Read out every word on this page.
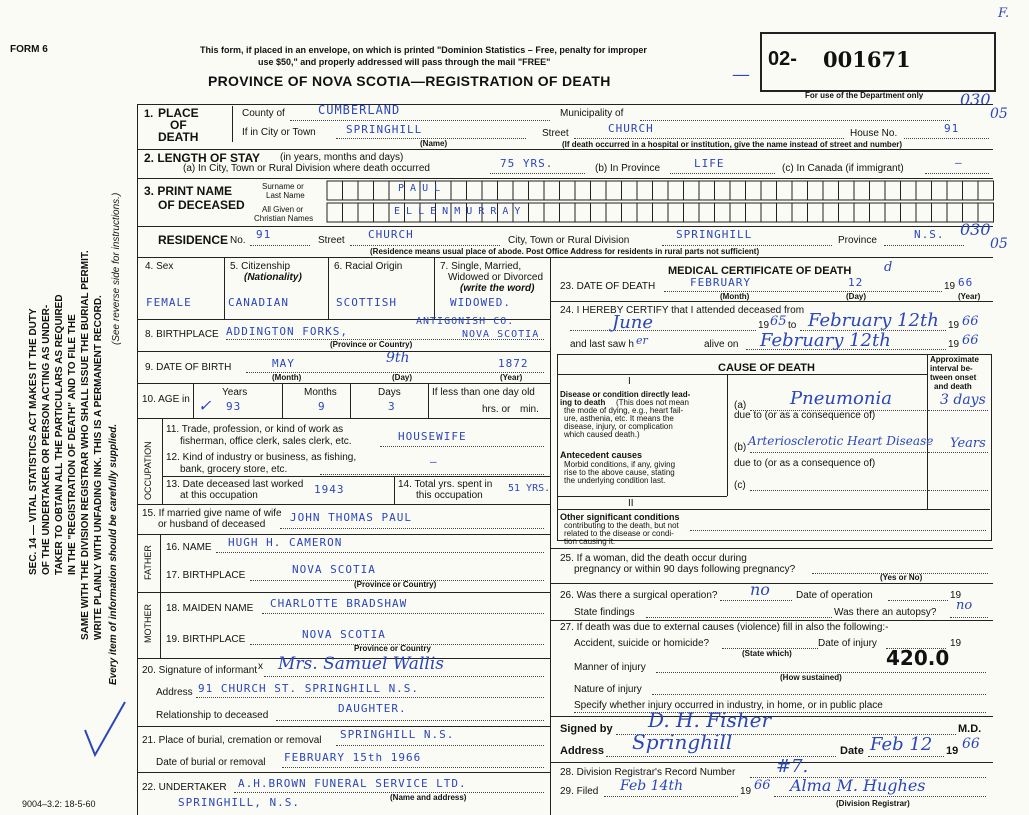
SEC. 14 — VITAL STATISTICS ACT MAKES IT THE DUTY OF THE UNDERTAKER OR PERSON ACTING AS UNDER- TAKER TO OBTAIN ALL THE PARTICULARS AS REQUIRED IN THE "REGISTRATION OF DEATH" AND TO FILE THE SAME WITH THE DIVISION REGISTRAR WHO SHALL ISSUE THE BURIAL PERMIT. WRITE PLAINLY WITH UNFADING INK. THIS IS A PERMANENT RECORD. Every item of information should be carefully supplied.
(See reverse side for instructions.)
FORM 6
F.
This form, if placed in an envelope, on which is printed "Dominion Statistics – Free, penalty for improper
use $50," and properly addressed will pass through the mail "FREE"
PROVINCE OF NOVA SCOTIA—REGISTRATION OF DEATH	—
02- 001671
For use of the Department only 030
05
1. PLACE
OF
DEATH
County of	CUMBERLAND	Municipality of
If in City or Town	SPRINGHILL
(Name)
Street	CHURCH	House No.	91
(If death occurred in a hospital or institution, give the name instead of street and number)
2. LENGTH OF STAY (in years, months and days)
(a) In City, Town or Rural Division where death occurred	75 YRS.	(b) In Province	LIFE	(c) In Canada (if immigrant)	–
3. PRINT NAME
OF DECEASED
Surname or
Last Name
All Given or
Christian Names
P A U L
E L L E N M U R R A Y
RESIDENCE No. 91	Street CHURCH	City, Town or Rural Division	SPRINGHILL	Province	N.S. 030
05
(Residence means usual place of abode. Post Office Address for residents in rural parts not sufficient)
4. Sex	5. Citizenship
(Nationality)
6. Racial Origin	7. Single, Married,
Widowed or Divorced
(write the word)
FEMALE	CANADIAN	SCOTTISH	WIDOWED.
8. BIRTHPLACE ADDINGTON FORKS,
ANTIGONISH CO.
NOVA SCOTIA
(Province or Country)
9. DATE OF BIRTH	MAY	9th	1872
(Month)	(Day)	(Year)
10. AGE in ✓
Years	Months	Days
93	9	3
If less than one day old
hrs. or min.
OCCUPATION
11. Trade, profession, or kind of work as
fisherman, office clerk, sales clerk, etc.	HOUSEWIFE
12. Kind of industry or business, as fishing,
bank, grocery store, etc.
–
13. Date deceased last worked
at this occupation	1943	14. Total yrs. spent in
this occupation
51 YRS.
15. If married give name of wife
or husband of deceased
JOHN THOMAS PAUL
FATHER 16. NAME HUGH H. CAMERON
17. BIRTHPLACE	NOVA SCOTIA
(Province or Country)
MOTHER 18. MAIDEN NAME CHARLOTTE BRADSHAW
19. BIRTHPLACE	NOVA SCOTIA
Province or Country
20. Signature of informant x Mrs. Samuel Wallis
Address 91 CHURCH ST. SPRINGHILL N.S.
Relationship to deceased
DAUGHTER.
21. Place of burial, cremation or removal SPRINGHILL N.S.
Date of burial or removal FEBRUARY 15th 1966
22. UNDERTAKER A.H.BROWN FUNERAL SERVICE LTD.
SPRINGHILL, N.S.	(Name and address)
9004–3.2: 18-5-60
MEDICAL CERTIFICATE OF DEATH	d
23. DATE OF DEATH	FEBRUARY	12	19 66
(Month)	(Day)	(Year)
24. I HEREBY CERTIFY that I attended deceased from
June	19 65 to February 12th 19 66
and last saw h er	alive on February 12th	19 66
CAUSE OF DEATH
Approximate
interval be-
tween onset
and death
I
Disease or condition directly lead-
ing to death (This does not mean
the mode of dying, e.g., heart fail-
ure, asthenia, etc. It means the
disease, injury, or complication
which caused death.)
(a) Pneumonia	3 days
due to (or as a consequence of)
Antecedent causes
Morbid conditions, if any, giving
rise to the above cause, stating
the underlying condition last.
(b) Arteriosclerotic Heart Disease Years
due to (or as a consequence of)
(c)
II
Other significant conditions
contributing to the death, but not
related to the disease or condi-
tion causing it.
25. If a woman, did the death occur during
pregnancy or within 90 days following pregnancy?
(Yes or No)
26. Was there a surgical operation? no	Date of operation	19
State findings	Was there an autopsy? no
27. If death was due to external causes (violence) fill in also the following:-
Accident, suicide or homicide?
(State which)
Date of injury	19
Manner of injury	420.0
(How sustained)
Nature of injury
Specify whether injury occurred in industry, in home, or in public place
Signed by D. H. Fisher	M.D.
Address Springhill	Date Feb 12 19 66
28. Division Registrar's Record Number #7.
29. Filed Feb 14th	19 66 Alma M. Hughes
(Division Registrar)
